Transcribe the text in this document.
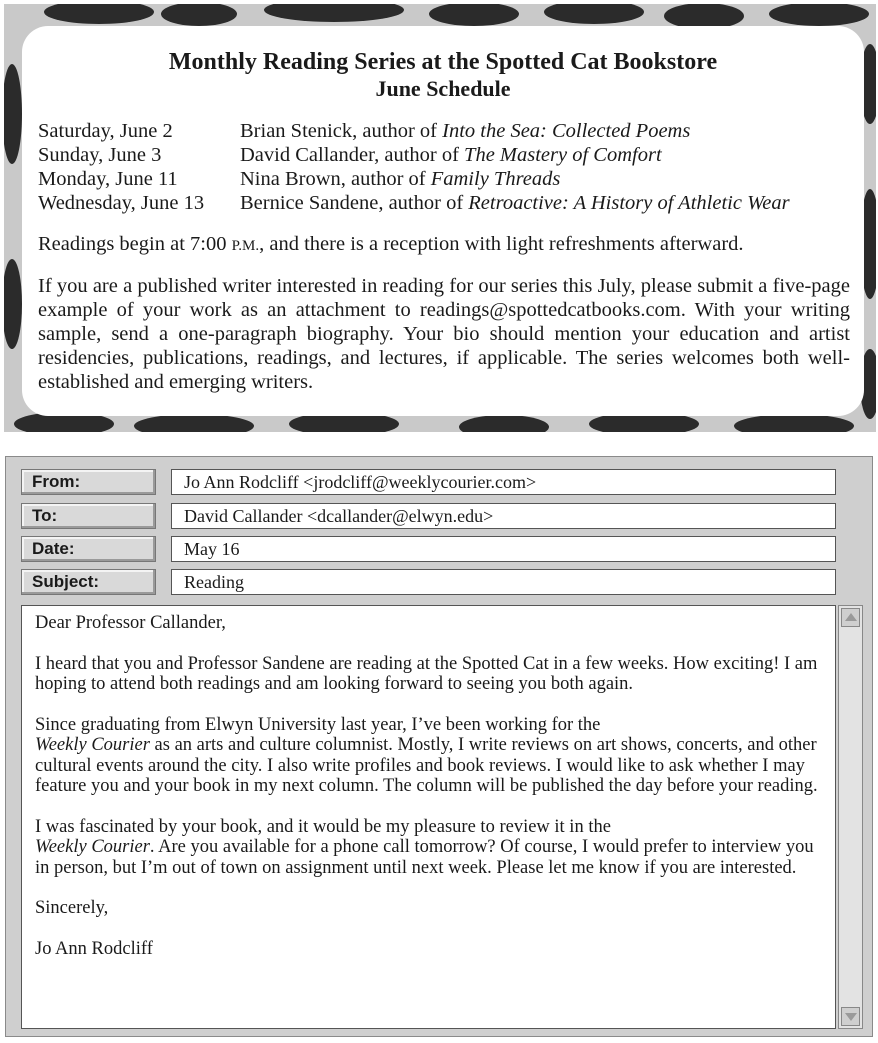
Monthly Reading Series at the Spotted Cat Bookstore
June Schedule
Saturday, June 2	Brian Stenick, author of Into the Sea: Collected Poems
Sunday, June 3	David Callander, author of The Mastery of Comfort
Monday, June 11	Nina Brown, author of Family Threads
Wednesday, June 13	Bernice Sandene, author of Retroactive: A History of Athletic Wear

Readings begin at 7:00 P.M., and there is a reception with light refreshments afterward.

If you are a published writer interested in reading for our series this July, please submit a five-page example of your work as an attachment to readings@spottedcatbooks.com. With your writing sample, send a one-paragraph biography. Your bio should mention your education and artist residencies, publications, readings, and lectures, if applicable. The series welcomes both well-established and emerging writers.

From:	Jo Ann Rodcliff <jrodcliff@weeklycourier.com>
To:	David Callander <dcallander@elwyn.edu>
Date:	May 16
Subject:	Reading

Dear Professor Callander,

I heard that you and Professor Sandene are reading at the Spotted Cat in a few weeks. How exciting! I am hoping to attend both readings and am looking forward to seeing you both again.

Since graduating from Elwyn University last year, I’ve been working for the
Weekly Courier as an arts and culture columnist. Mostly, I write reviews on art shows, concerts, and other cultural events around the city. I also write profiles and book reviews. I would like to ask whether I may feature you and your book in my next column. The column will be published the day before your reading.

I was fascinated by your book, and it would be my pleasure to review it in the
Weekly Courier. Are you available for a phone call tomorrow? Of course, I would prefer to interview you in person, but I’m out of town on assignment until next week. Please let me know if you are interested.

Sincerely,

Jo Ann Rodcliff
